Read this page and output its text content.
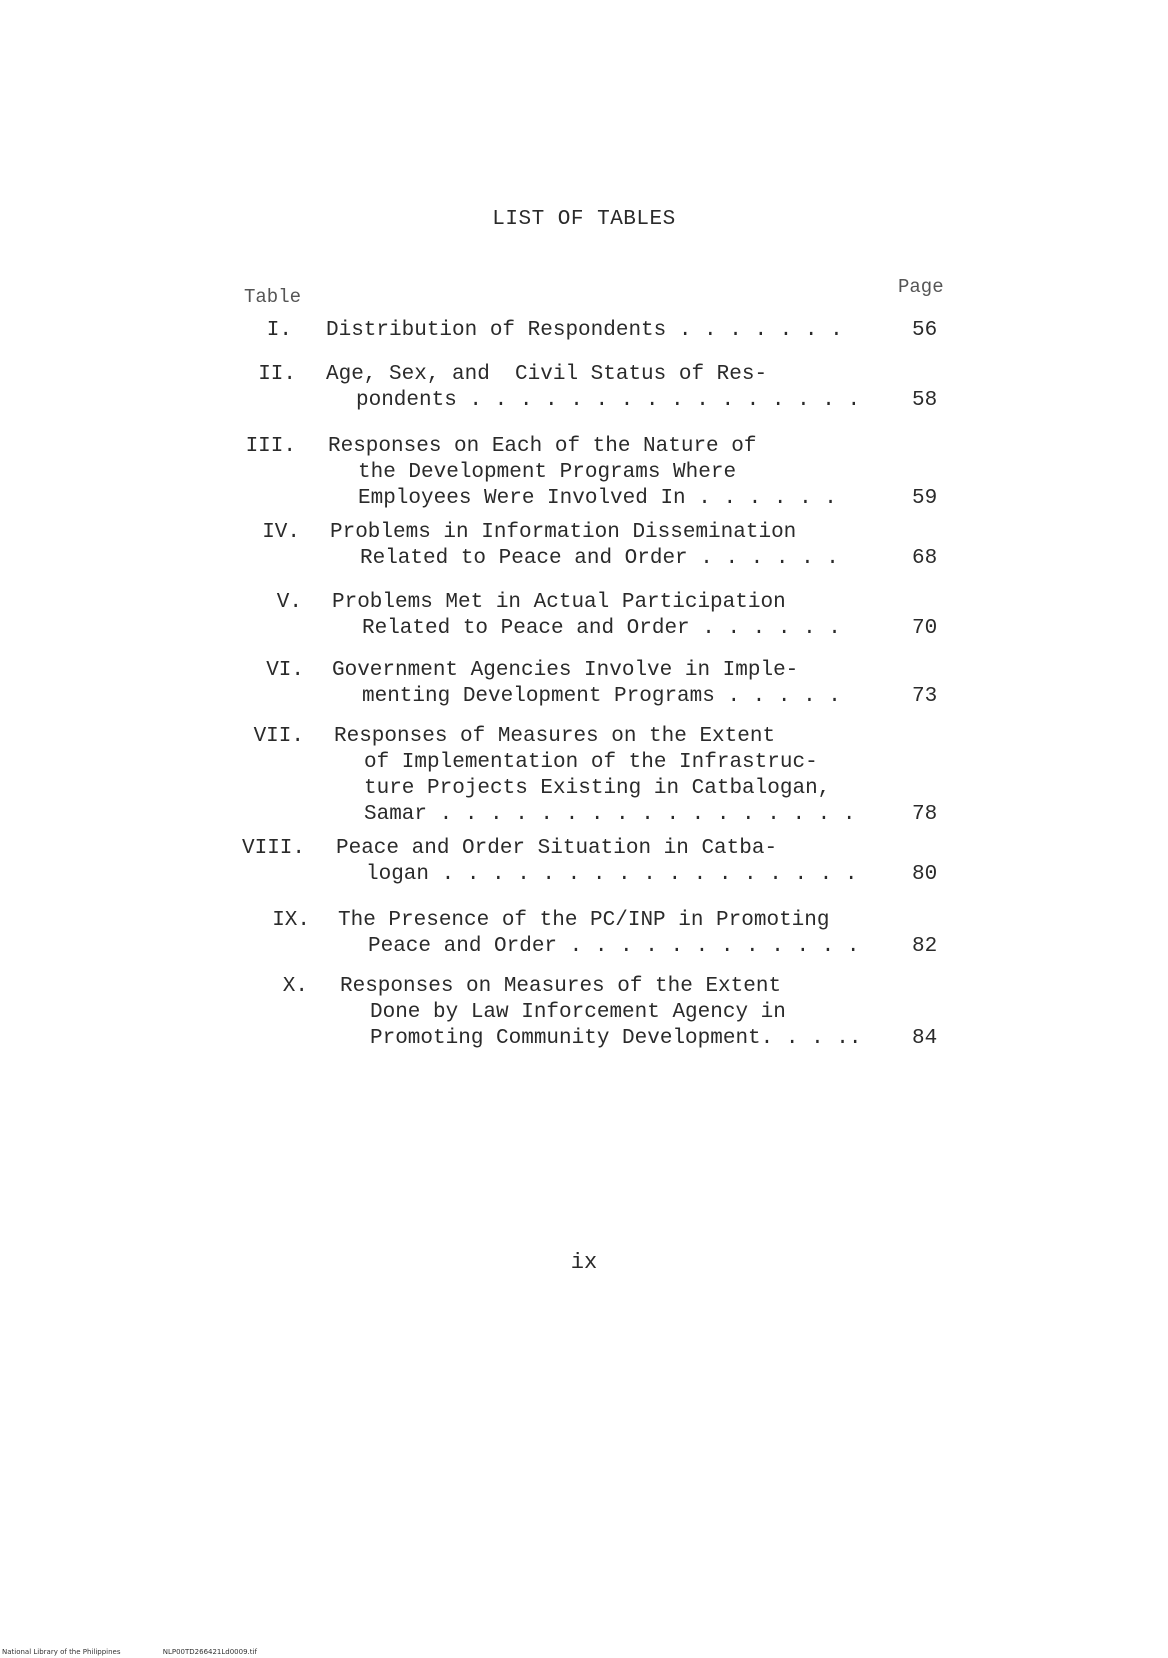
LIST OF TABLES
Table	Page
I. Distribution of Respondents . . . . . . .	56
II. Age, Sex, and  Civil Status of Res-
pondents . . . . . . . . . . . . . . . . 58
III. Responses on Each of the Nature of
the Development Programs Where
Employees Were Involved In . . . . . .	59
IV. Problems in Information Dissemination
Related to Peace and Order . . . . . .	68
V. Problems Met in Actual Participation
Related to Peace and Order . . . . . .	70
VI. Government Agencies Involve in Imple-
menting Development Programs . . . . .	73
VII. Responses of Measures on the Extent
of Implementation of the Infrastruc-
ture Projects Existing in Catbalogan,
Samar . . . . . . . . . . . . . . . . .	78
VIII. Peace and Order Situation in Catba-
logan . . . . . . . . . . . . . . . . .	80
IX. The Presence of the PC/INP in Promoting
Peace and Order . . . . . . . . . . . .	82
X. Responses on Measures of the Extent
Done by Law Inforcement Agency in
Promoting Community Development. . . .. 84
ix
National Library of the Philippines	NLP00TD266421Ld0009.tif
